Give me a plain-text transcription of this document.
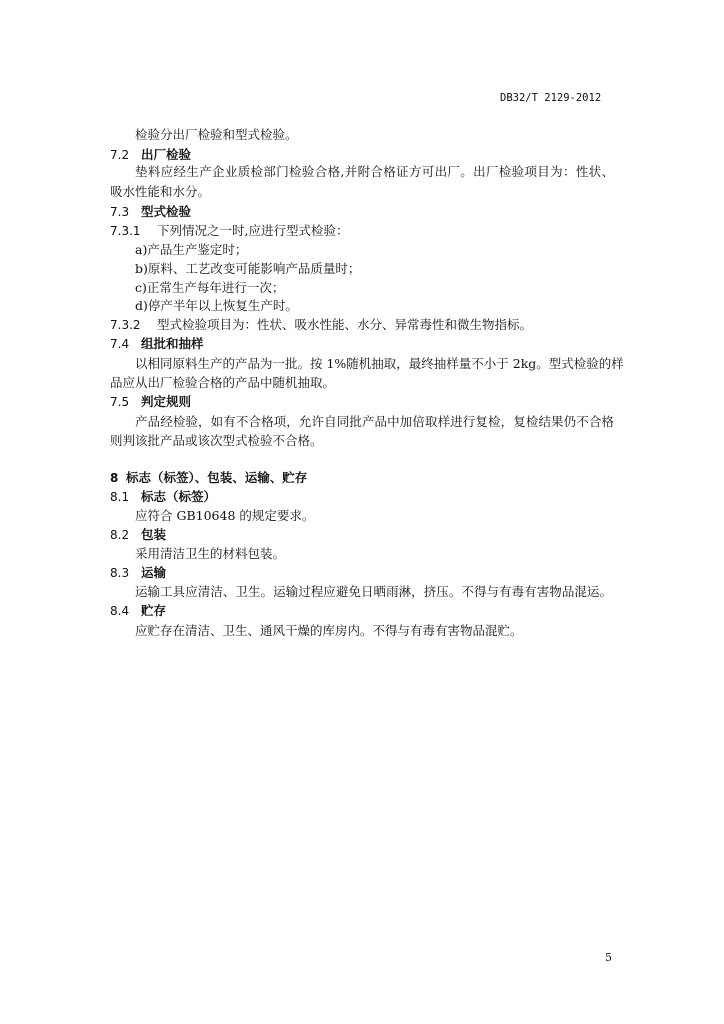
DB32/T 2129-2012
检验分出厂检验和型式检验。
7.2 出厂检验
垫料应经生产企业质检部门检验合格,并附合格证方可出厂。出厂检验项目为：性状、
吸水性能和水分。
7.3 型式检验
7.3.1 下列情况之一时,应进行型式检验：
a)产品生产鉴定时；
b)原料、工艺改变可能影响产品质量时；
c)正常生产每年进行一次；
d)停产半年以上恢复生产时。
7.3.2 型式检验项目为：性状、吸水性能、水分、异常毒性和微生物指标。
7.4 组批和抽样
以相同原料生产的产品为一批。按 1%随机抽取，最终抽样量不小于 2kg。型式检验的样
品应从出厂检验合格的产品中随机抽取。
7.5 判定规则
产品经检验，如有不合格项，允许自同批产品中加倍取样进行复检，复检结果仍不合格
则判该批产品或该次型式检验不合格。
8 标志（标签）、包装、运输、贮存
8.1 标志（标签）
应符合 GB10648 的规定要求。
8.2 包装
采用清洁卫生的材料包装。
8.3 运输
运输工具应清洁、卫生。运输过程应避免日晒雨淋，挤压。不得与有毒有害物品混运。
8.4 贮存
应贮存在清洁、卫生、通风干燥的库房内。不得与有毒有害物品混贮。
5
